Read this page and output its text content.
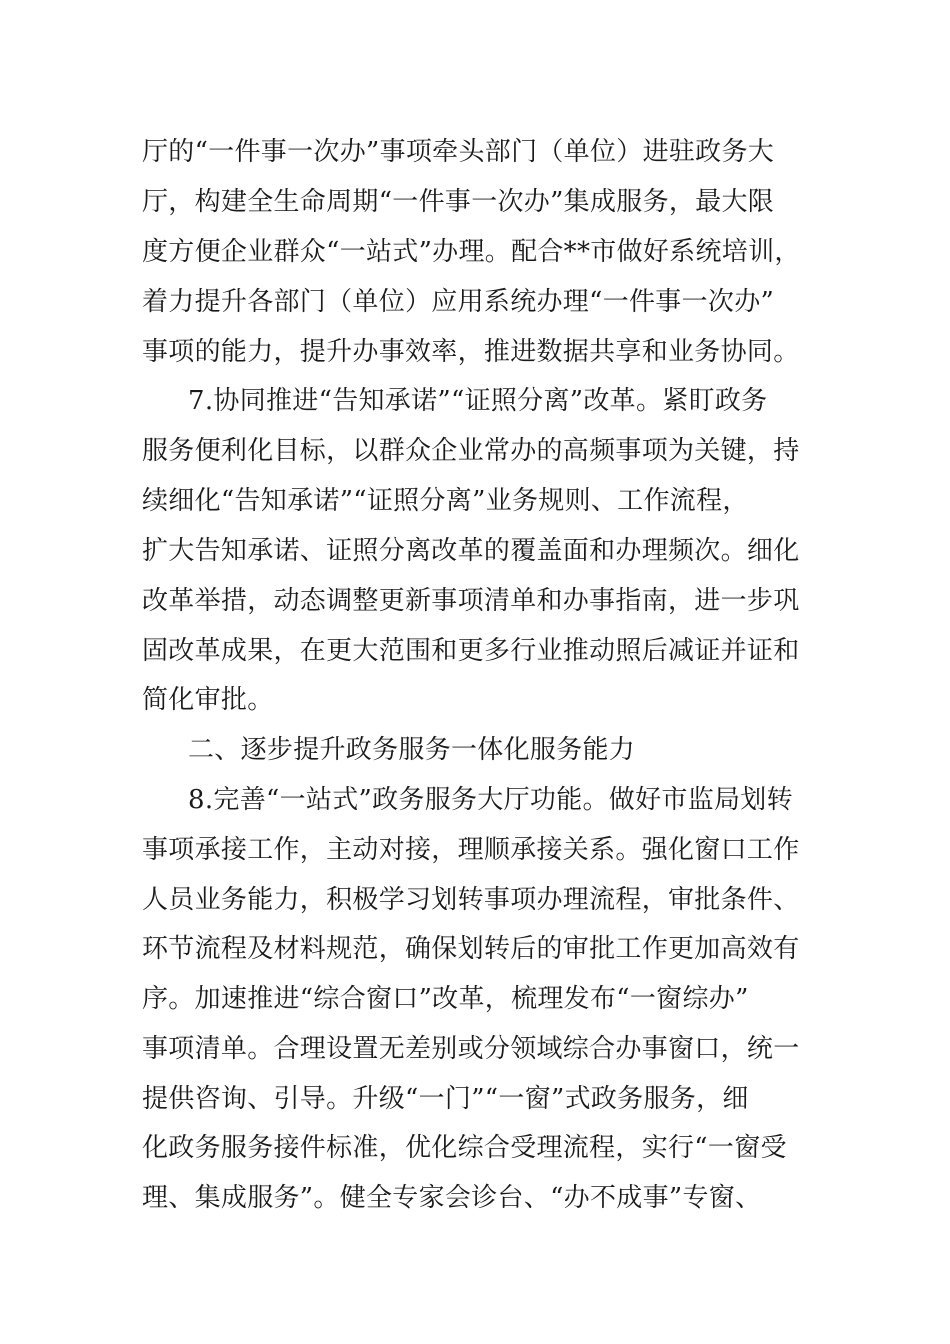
厅的“一件事一次办”事项牵头部门（单位）进驻政务大
厅，构建全生命周期“一件事一次办”集成服务，最大限
度方便企业群众“一站式”办理。配合**市做好系统培训，
着力提升各部门（单位）应用系统办理“一件事一次办”
事项的能力，提升办事效率，推进数据共享和业务协同。
7.协同推进“告知承诺”“证照分离”改革。紧盯政务
服务便利化目标，以群众企业常办的高频事项为关键，持
续细化“告知承诺”“证照分离”业务规则、工作流程，
扩大告知承诺、证照分离改革的覆盖面和办理频次。细化
改革举措，动态调整更新事项清单和办事指南，进一步巩
固改革成果，在更大范围和更多行业推动照后减证并证和
简化审批。
二、逐步提升政务服务一体化服务能力
8.完善“一站式”政务服务大厅功能。做好市监局划转
事项承接工作，主动对接，理顺承接关系。强化窗口工作
人员业务能力，积极学习划转事项办理流程，审批条件、
环节流程及材料规范，确保划转后的审批工作更加高效有
序。加速推进“综合窗口”改革，梳理发布“一窗综办”
事项清单。合理设置无差别或分领域综合办事窗口，统一
提供咨询、引导。升级“一门”“一窗”式政务服务，细
化政务服务接件标准，优化综合受理流程，实行“一窗受
理、集成服务”。健全专家会诊台、“办不成事”专窗、
